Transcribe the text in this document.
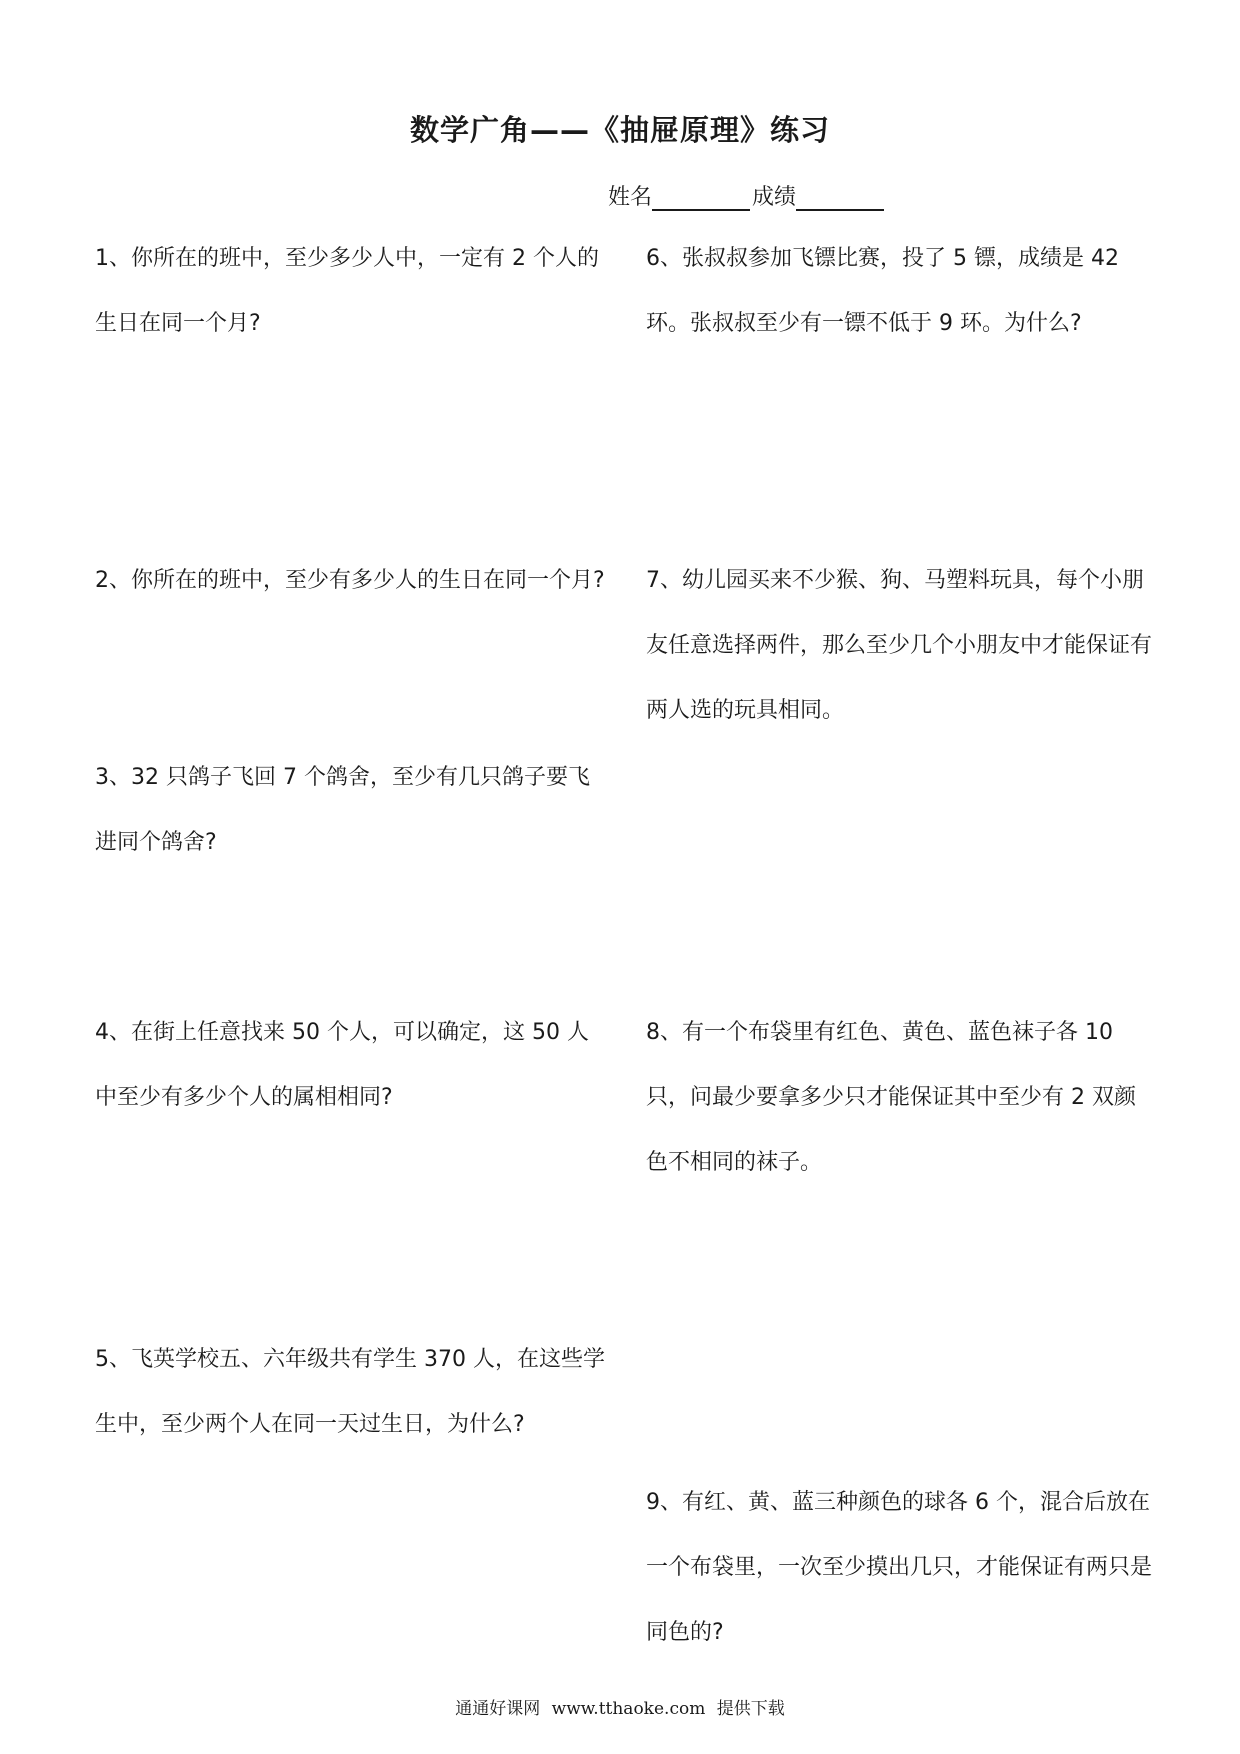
数学广角——《抽屉原理》练习
姓名	成绩
1、你所在的班中，至少多少人中，一定有 2 个人的生日在同一个月?
2、你所在的班中，至少有多少人的生日在同一个月?
3、32 只鸽子飞回 7 个鸽舍，至少有几只鸽子要飞进同个鸽舍?
4、在街上任意找来 50 个人，可以确定，这 50 人中至少有多少个人的属相相同?
5、飞英学校五、六年级共有学生 370 人，在这些学生中，至少两个人在同一天过生日，为什么?
6、张叔叔参加飞镖比赛，投了 5 镖，成绩是 42 环。张叔叔至少有一镖不低于 9 环。为什么?
7、幼儿园买来不少猴、狗、马塑料玩具，每个小朋友任意选择两件，那么至少几个小朋友中才能保证有两人选的玩具相同。
8、有一个布袋里有红色、黄色、蓝色袜子各 10 只，问最少要拿多少只才能保证其中至少有 2 双颜色不相同的袜子。
9、有红、黄、蓝三种颜色的球各 6 个，混合后放在一个布袋里，一次至少摸出几只，才能保证有两只是同色的?
通通好课网 www.tthaoke.com 提供下载
